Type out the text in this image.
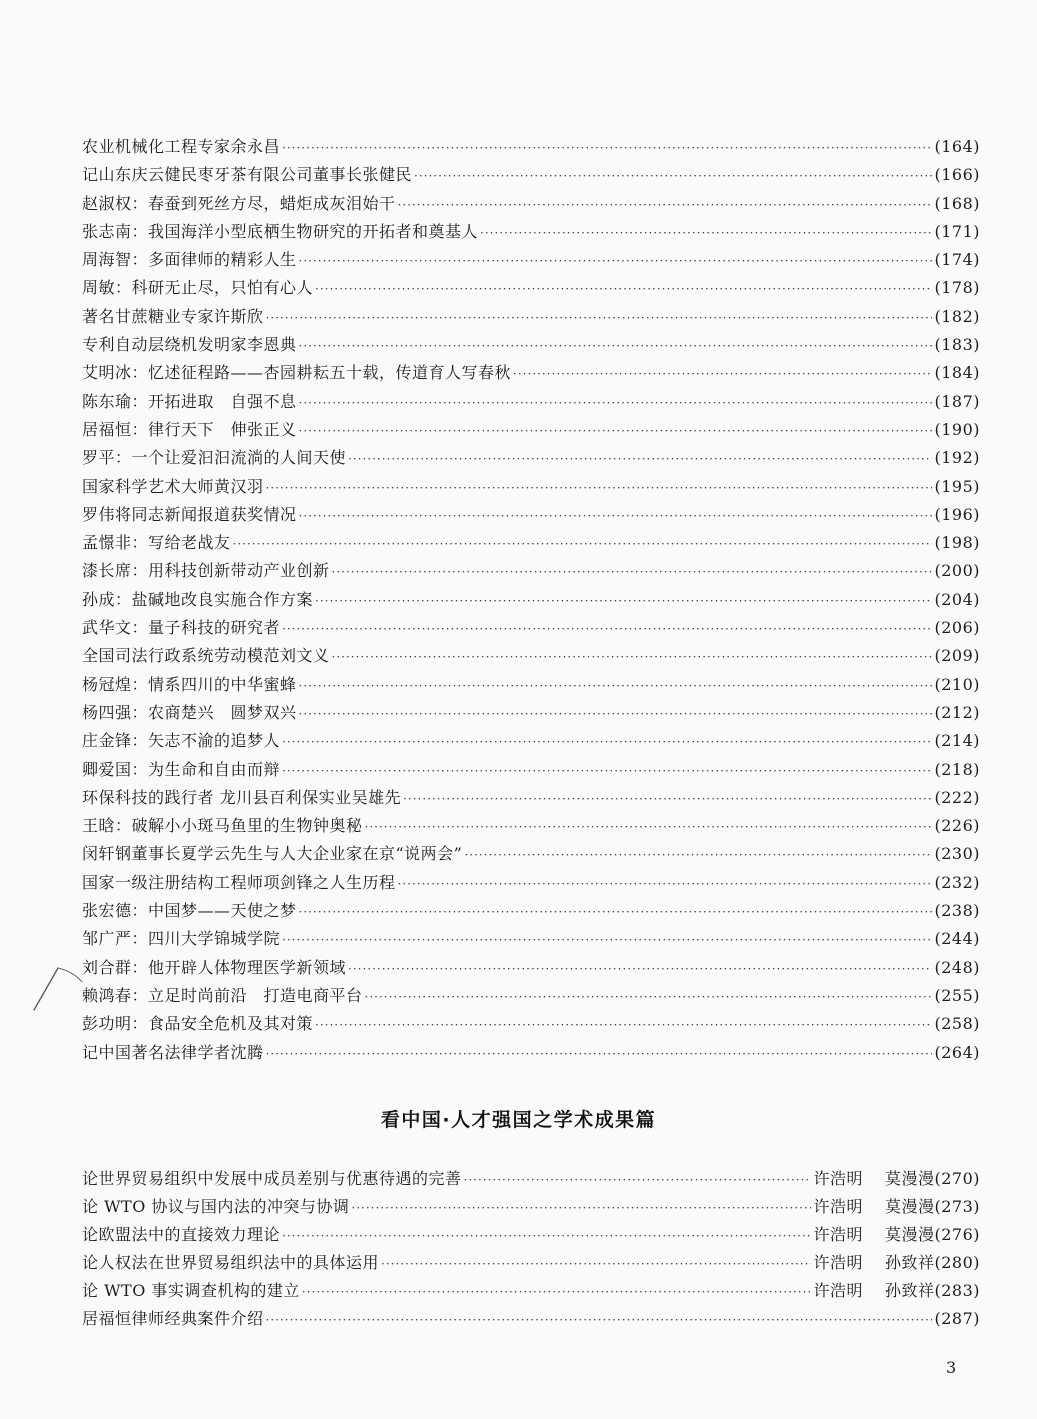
农业机械化工程专家余永昌 ·····	(164)
记山东庆云健民枣牙茶有限公司董事长张健民 ·····	(166)
赵淑权：春蚕到死丝方尽，蜡炬成灰泪始干 ·····	(168)
张志南：我国海洋小型底栖生物研究的开拓者和奠基人 ·····	(171)
周海智：多面律师的精彩人生 ·····	(174)
周敏：科研无止尽，只怕有心人 ·····	(178)
著名甘蔗糖业专家许斯欣 ·····	(182)
专利自动层绕机发明家李恩典 ·····	(183)
艾明冰：忆述征程路——杏园耕耘五十载，传道育人写春秋 ·····	(184)
陈东瑜：开拓进取　自强不息 ·····	(187)
居福恒：律行天下　伸张正义 ·····	(190)
罗平：一个让爱汩汩流淌的人间天使 ·····	(192)
国家科学艺术大师黄汉羽 ·····	(195)
罗伟将同志新闻报道获奖情况 ·····	(196)
孟憬非：写给老战友 ·····	(198)
漆长席：用科技创新带动产业创新 ·····	(200)
孙成：盐碱地改良实施合作方案 ·····	(204)
武华文：量子科技的研究者 ·····	(206)
全国司法行政系统劳动模范刘文义 ·····	(209)
杨冠煌：情系四川的中华蜜蜂 ·····	(210)
杨四强：农商楚兴　圆梦双兴 ·····	(212)
庄金锋：矢志不渝的追梦人 ·····	(214)
卿爱国：为生命和自由而辩 ·····	(218)
环保科技的践行者 龙川县百利保实业吴雄先 ·····	(222)
王晗：破解小小斑马鱼里的生物钟奥秘 ·····	(226)
闵轩钢董事长夏学云先生与人大企业家在京“说两会” ·····	(230)
国家一级注册结构工程师项剑锋之人生历程 ·····	(232)
张宏德：中国梦——天使之梦 ·····	(238)
邹广严：四川大学锦城学院 ·····	(244)
刘合群：他开辟人体物理医学新领域 ·····	(248)
赖鸿春：立足时尚前沿　打造电商平台 ·····	(255)
彭功明：食品安全危机及其对策 ·····	(258)
记中国著名法律学者沈腾 ·····	(264)
看中国·人才强国之学术成果篇
论世界贸易组织中发展中成员差别与优惠待遇的完善 ·····	许浩明 莫漫漫(270)
论 WTO 协议与国内法的冲突与协调 ·····	许浩明 莫漫漫(273)
论欧盟法中的直接效力理论 ·····	许浩明 莫漫漫(276)
论人权法在世界贸易组织法中的具体运用 ·····	许浩明 孙致祥(280)
论 WTO 事实调查机构的建立 ·····	许浩明 孙致祥(283)
居福恒律师经典案件介绍 ·····	(287)
3
